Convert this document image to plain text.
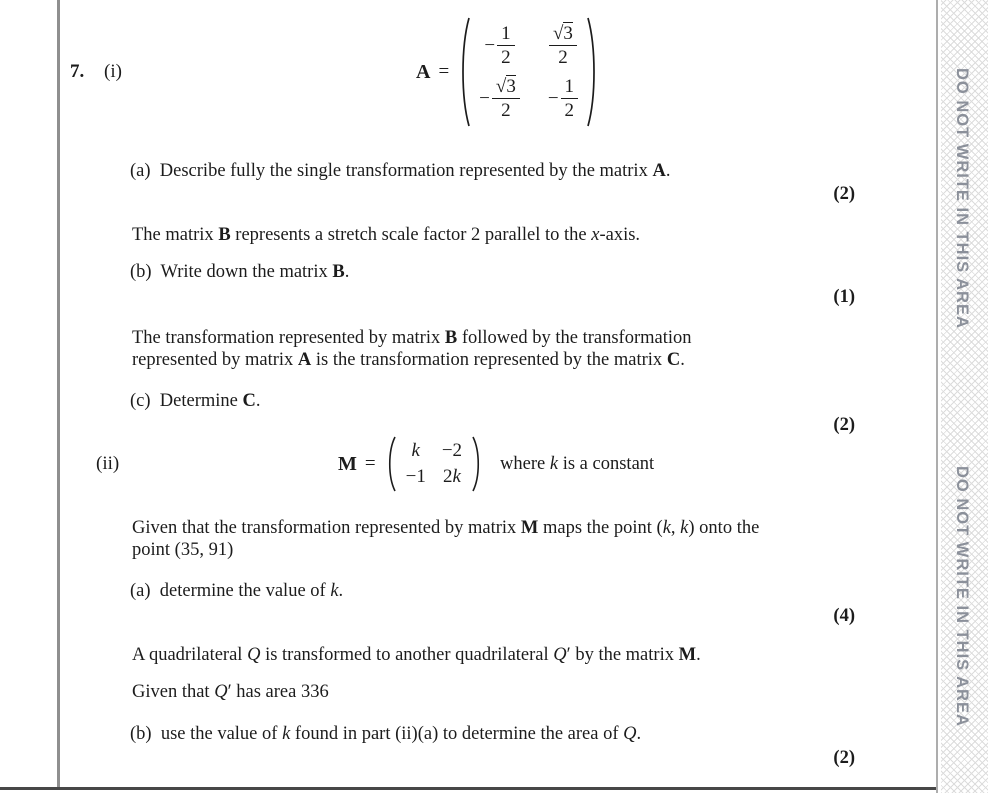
7. (i)	A =
− $\frac{1}{2} \frac{√3}{2}$
− $\frac{√3}{2} - \frac{1}{2}$
(a)  Describe fully the single transformation represented by the matrix A.
(2)
The matrix B represents a stretch scale factor 2 parallel to the x-axis.
(b)  Write down the matrix B.
(1)
The transformation represented by matrix B followed by the transformation
represented by matrix A is the transformation represented by the matrix C.
(c)  Determine C.
(2)
(ii)	M =
k −2
−1 2k
where k is a constant
Given that the transformation represented by matrix M maps the point (k, k) onto the
point (35, 91)
(a)  determine the value of k.
(4)
A quadrilateral Q is transformed to another quadrilateral Q′ by the matrix M.
Given that Q′ has area 336
(b)  use the value of k found in part (ii)(a) to determine the area of Q.
(2)
DO NOT WRITE IN THIS AREA
DO NOT WRITE IN THIS AREA
